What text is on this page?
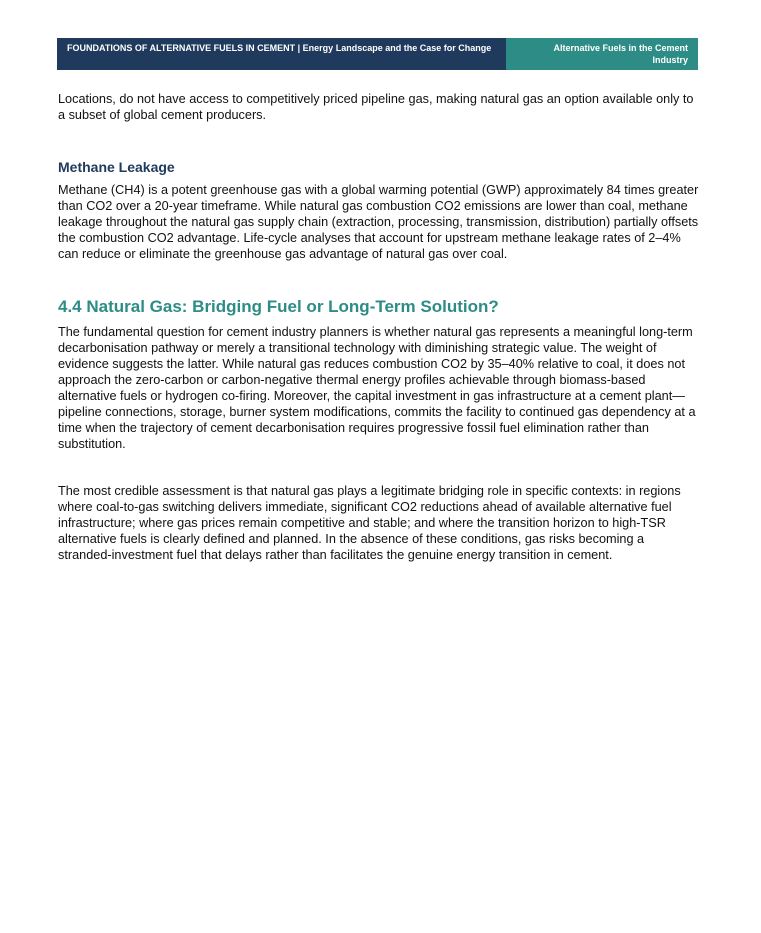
FOUNDATIONS OF ALTERNATIVE FUELS IN CEMENT | Energy Landscape and the Case for Change	Alternative Fuels in the Cement Industry

Locations, do not have access to competitively priced pipeline gas, making natural gas an option available only to a subset of global cement producers.

Methane Leakage

Methane (CH4) is a potent greenhouse gas with a global warming potential (GWP) approximately 84 times greater than CO2 over a 20-year timeframe. While natural gas combustion CO2 emissions are lower than coal, methane leakage throughout the natural gas supply chain (extraction, processing, transmission, distribution) partially offsets the combustion CO2 advantage. Life-cycle analyses that account for upstream methane leakage rates of 2–4% can reduce or eliminate the greenhouse gas advantage of natural gas over coal.

4.4 Natural Gas: Bridging Fuel or Long-Term Solution?

The fundamental question for cement industry planners is whether natural gas represents a meaningful long-term decarbonisation pathway or merely a transitional technology with diminishing strategic value. The weight of evidence suggests the latter. While natural gas reduces combustion CO2 by 35–40% relative to coal, it does not approach the zero-carbon or carbon-negative thermal energy profiles achievable through biomass-based alternative fuels or hydrogen co-firing. Moreover, the capital investment in gas infrastructure at a cement plant—pipeline connections, storage, burner system modifications, commits the facility to continued gas dependency at a time when the trajectory of cement decarbonisation requires progressive fossil fuel elimination rather than substitution.

The most credible assessment is that natural gas plays a legitimate bridging role in specific contexts: in regions where coal-to-gas switching delivers immediate, significant CO2 reductions ahead of available alternative fuel infrastructure; where gas prices remain competitive and stable; and where the transition horizon to high-TSR alternative fuels is clearly defined and planned. In the absence of these conditions, gas risks becoming a stranded-investment fuel that delays rather than facilitates the genuine energy transition in cement.
